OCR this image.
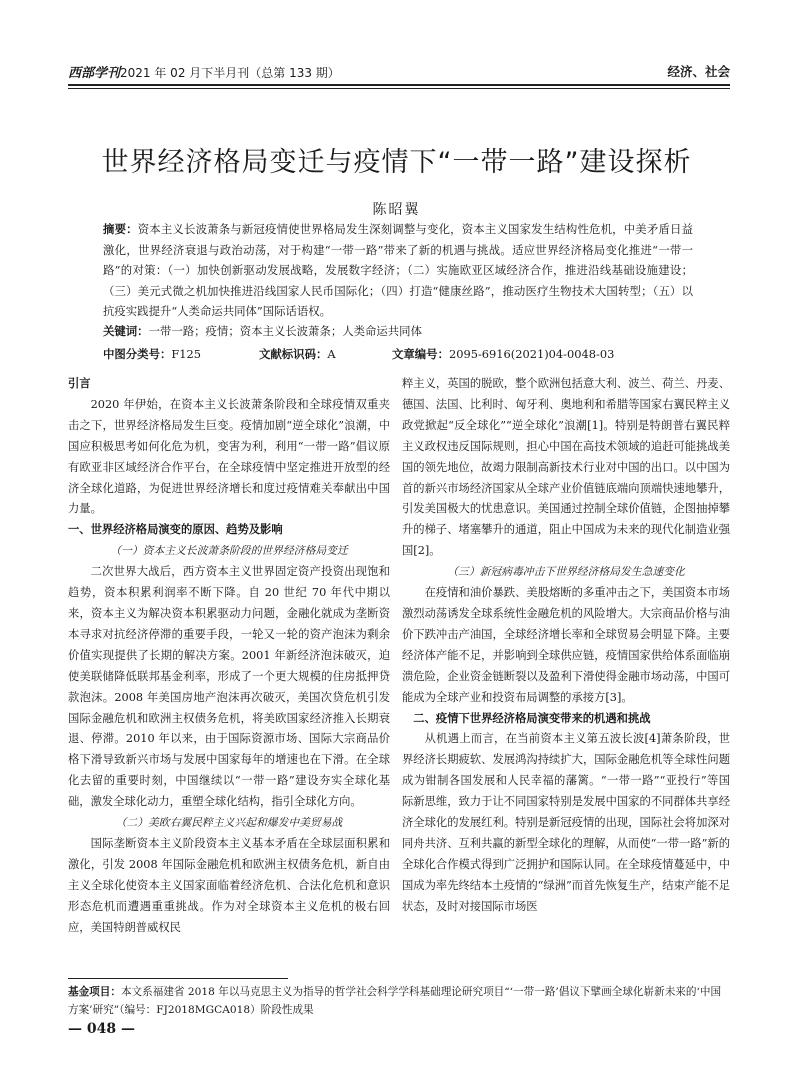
西部学刊2021 年 02 月下半月刊（总第 133 期）	经济、社会
世界经济格局变迁与疫情下“一带一路”建设探析
陈昭翼
摘要：资本主义长波萧条与新冠疫情使世界格局发生深刻调整与变化，资本主义国家发生结构性危机，中美矛盾日益激化，世界经济衰退与政治动荡，对于构建“一带一路”带来了新的机遇与挑战。适应世界经济格局变化推进“一带一路”的对策：（一）加快创新驱动发展战略，发展数字经济；（二）实施欧亚区域经济合作，推进沿线基础设施建设；（三）美元式微之机加快推进沿线国家人民币国际化；（四）打造“健康丝路”，推动医疗生物技术大国转型；（五）以抗疫实践提升“人类命运共同体”国际话语权。
关键词：一带一路；疫情；资本主义长波萧条；人类命运共同体
中图分类号：F125	文献标识码：A	文章编号：2095-6916(2021)04-0048-03

引言

2020 年伊始，在资本主义长波萧条阶段和全球疫情双重夹击之下，世界经济格局发生巨变。疫情加剧“逆全球化”浪潮，中国应积极思考如何化危为机，变害为利，利用“一带一路”倡议原有欧亚非区域经济合作平台，在全球疫情中坚定推进开放型的经济全球化道路，为促进世界经济增长和度过疫情难关奉献出中国力量。

一、世界经济格局演变的原因、趋势及影响

（一）资本主义长波萧条阶段的世界经济格局变迁

二次世界大战后，西方资本主义世界固定资产投资出现饱和趋势，资本积累利润率不断下降。自 20 世纪 70 年代中期以来，资本主义为解决资本积累驱动力问题，金融化就成为垄断资本寻求对抗经济停滞的重要手段，一轮又一轮的资产泡沫为剩余价值实现提供了长期的解决方案。2001 年新经济泡沫破灭，迫使美联储降低联邦基金利率，形成了一个更大规模的住房抵押贷款泡沫。2008 年美国房地产泡沫再次破灭，美国次贷危机引发国际金融危机和欧洲主权债务危机，将美欧国家经济推入长期衰退、停滞。2010 年以来，由于国际资源市场、国际大宗商品价格下滑导致新兴市场与发展中国家每年的增速也在下滑。在全球化去留的重要时刻，中国继续以“一带一路”建设夯实全球化基础，激发全球化动力，重塑全球化结构，指引全球化方向。

（二）美欧右翼民粹主义兴起和爆发中美贸易战

国际垄断资本主义阶段资本主义基本矛盾在全球层面积累和激化，引发 2008 年国际金融危机和欧洲主权债务危机，新自由主义全球化使资本主义国家面临着经济危机、合法化危机和意识形态危机而遭遇重重挑战。作为对全球资本主义危机的极右回应，美国特朗普威权民

粹主义，英国的脱欧，整个欧洲包括意大利、波兰、荷兰、丹麦、德国、法国、比利时、匈牙利、奥地利和希腊等国家右翼民粹主义政党掀起“反全球化”“逆全球化”浪潮[1]。特别是特朗普右翼民粹主义政权违反国际规则，担心中国在高技术领域的追赶可能挑战美国的领先地位，故竭力限制高新技术行业对中国的出口。以中国为首的新兴市场经济国家从全球产业价值链底端向顶端快速地攀升，引发美国极大的忧患意识。美国通过控制全球价值链，企图抽掉攀升的梯子、堵塞攀升的通道，阻止中国成为未来的现代化制造业强国[2]。

（三）新冠病毒冲击下世界经济格局发生急速变化

在疫情和油价暴跌、美股熔断的多重冲击之下，美国资本市场激烈动荡诱发全球系统性金融危机的风险增大。大宗商品价格与油价下跌冲击产油国，全球经济增长率和全球贸易会明显下降。主要经济体产能不足，并影响到全球供应链，疫情国家供给体系面临崩溃危险，企业资金链断裂以及盈利下滑使得金融市场动荡，中国可能成为全球产业和投资布局调整的承接方[3]。

二、疫情下世界经济格局演变带来的机遇和挑战

从机遇上而言，在当前资本主义第五波长波[4]萧条阶段，世界经济长期疲软、发展鸿沟持续扩大，国际金融危机等全球性问题成为钳制各国发展和人民幸福的藩篱。“一带一路”“亚投行”等国际新思维，致力于让不同国家特别是发展中国家的不同群体共享经济全球化的发展红利。特别是新冠疫情的出现，国际社会将加深对同舟共济、互利共赢的新型全球化的理解，从而使“一带一路”新的全球化合作模式得到广泛拥护和国际认同。在全球疫情蔓延中，中国成为率先终结本土疫情的“绿洲”而首先恢复生产，结束产能不足状态，及时对接国际市场医

基金项目：本文系福建省 2018 年以马克思主义为指导的哲学社会科学学科基础理论研究项目“‘一带一路’倡议下擘画全球化崭新未来的‘中国方案’研究”（编号：FJ2018MGCA018）阶段性成果
— 048 —
